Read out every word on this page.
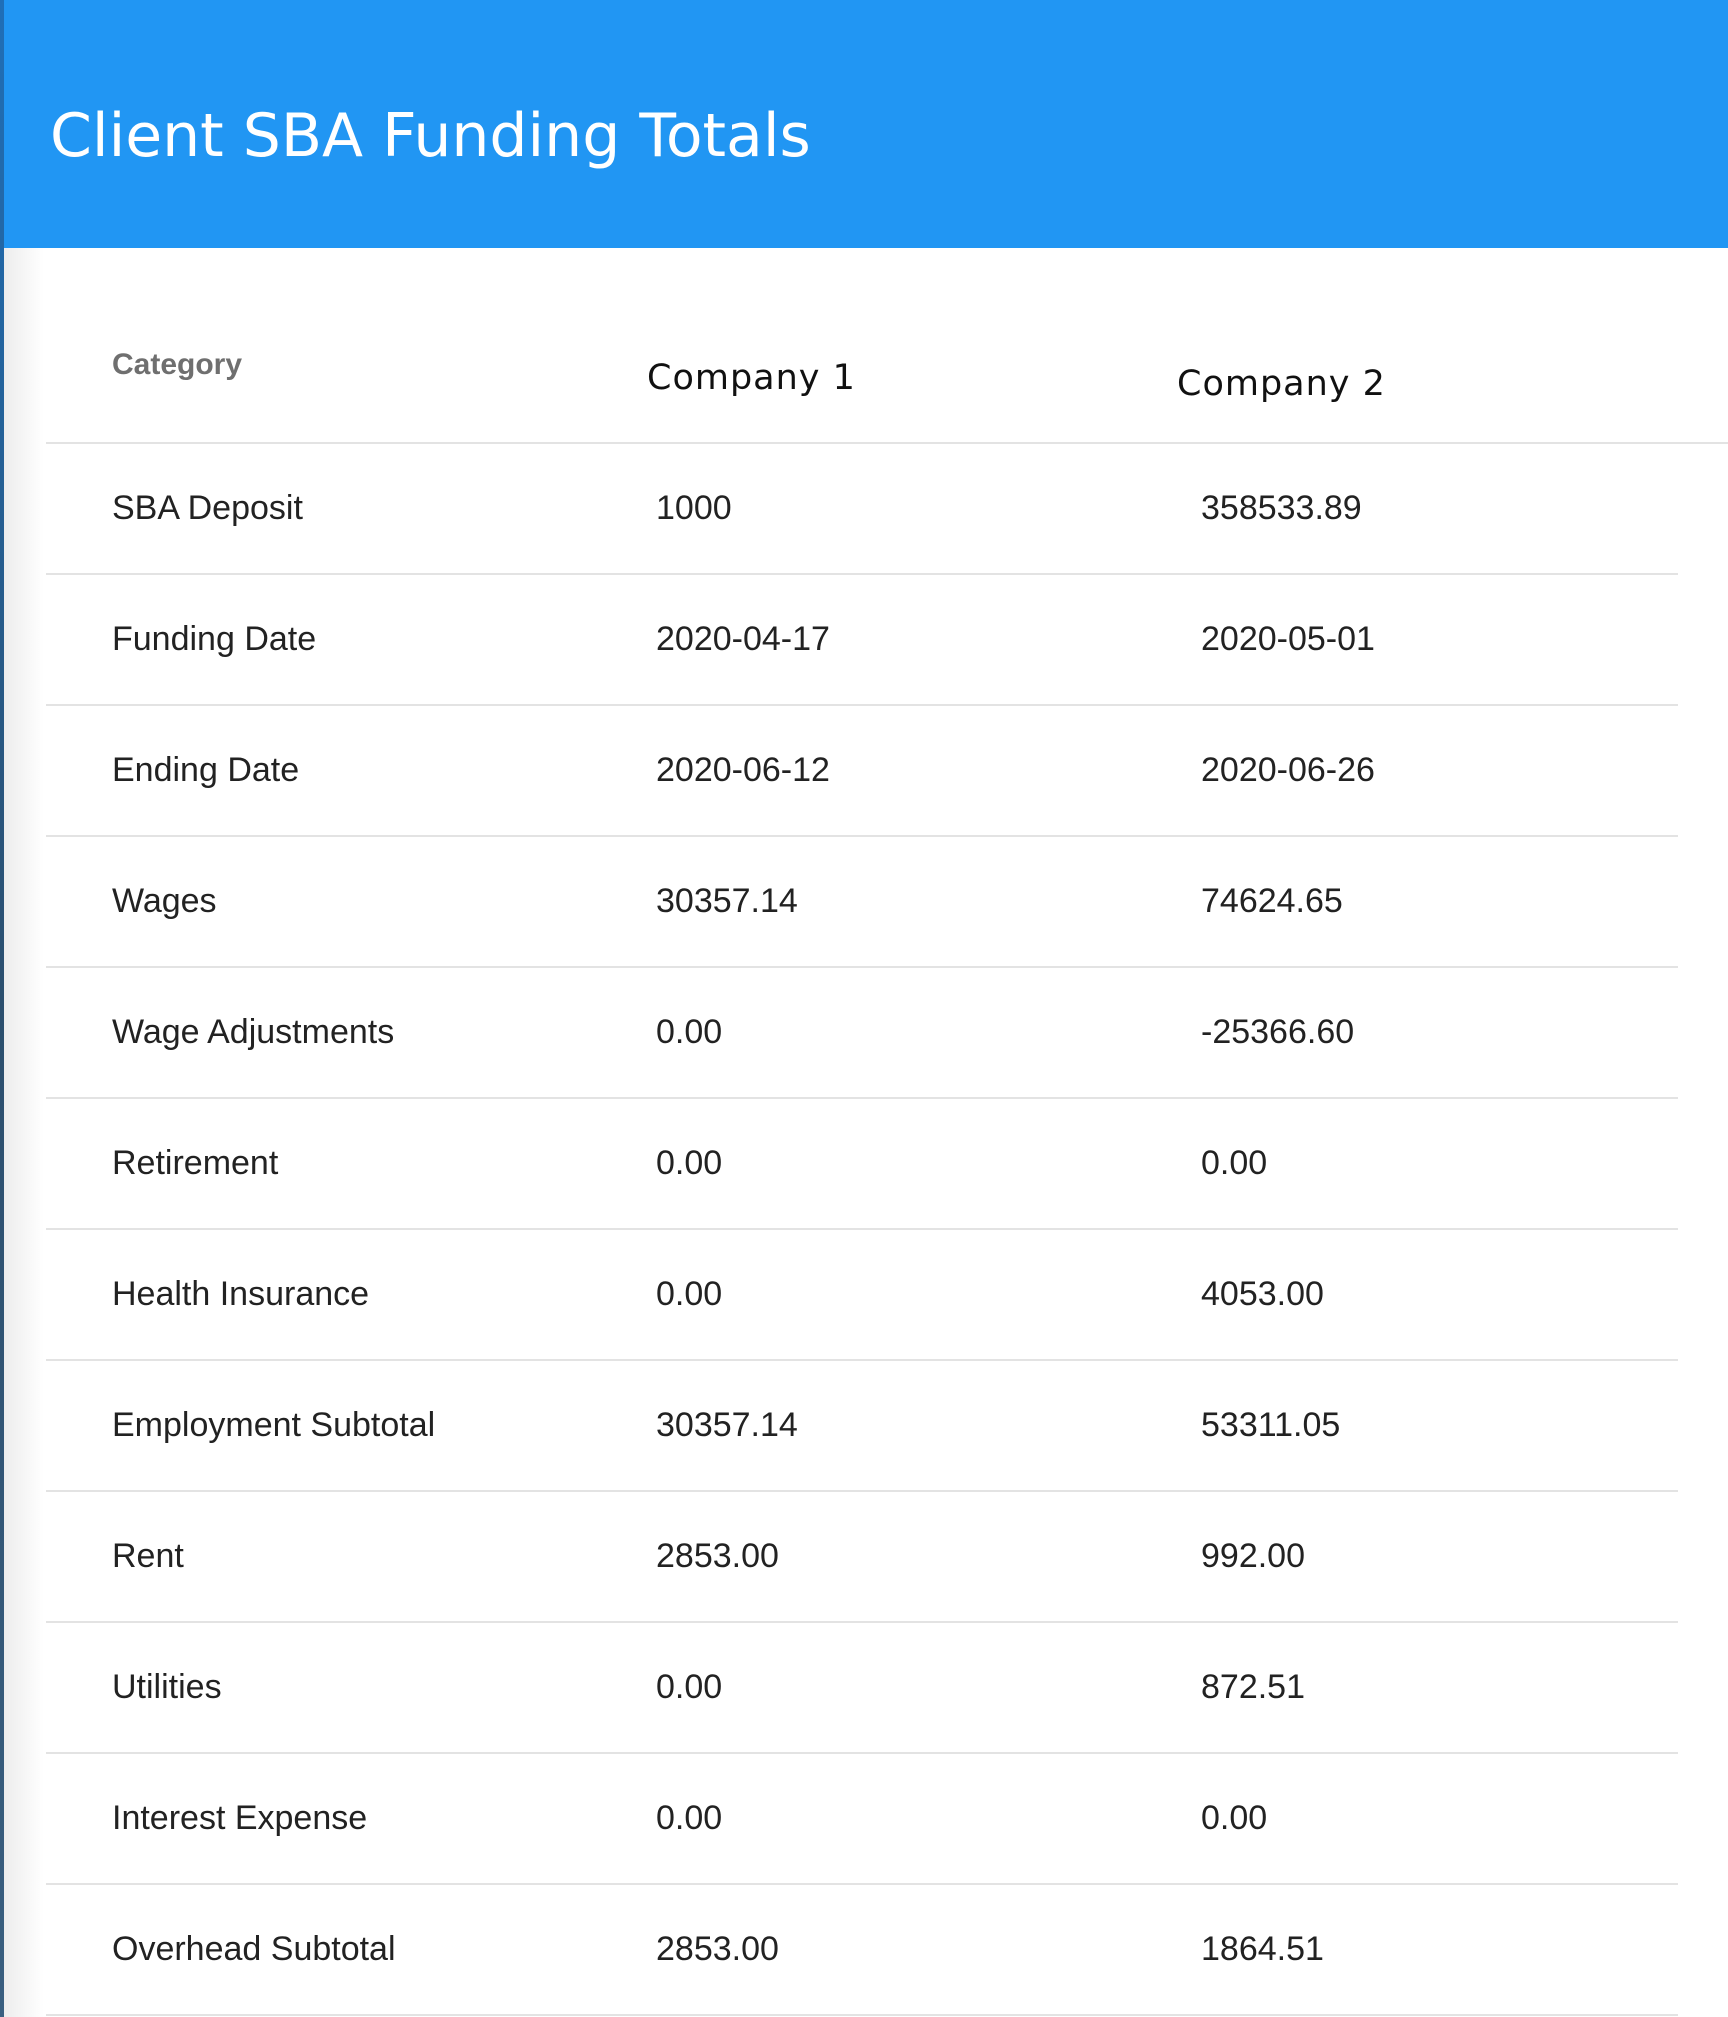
Client SBA Funding Totals
Category	Company 1	Company 2
SBA Deposit	1000	358533.89
Funding Date	2020-04-17	2020-05-01
Ending Date	2020-06-12	2020-06-26
Wages	30357.14	74624.65
Wage Adjustments	0.00	-25366.60
Retirement	0.00	0.00
Health Insurance	0.00	4053.00
Employment Subtotal	30357.14	53311.05
Rent	2853.00	992.00
Utilities	0.00	872.51
Interest Expense	0.00	0.00
Overhead Subtotal	2853.00	1864.51
